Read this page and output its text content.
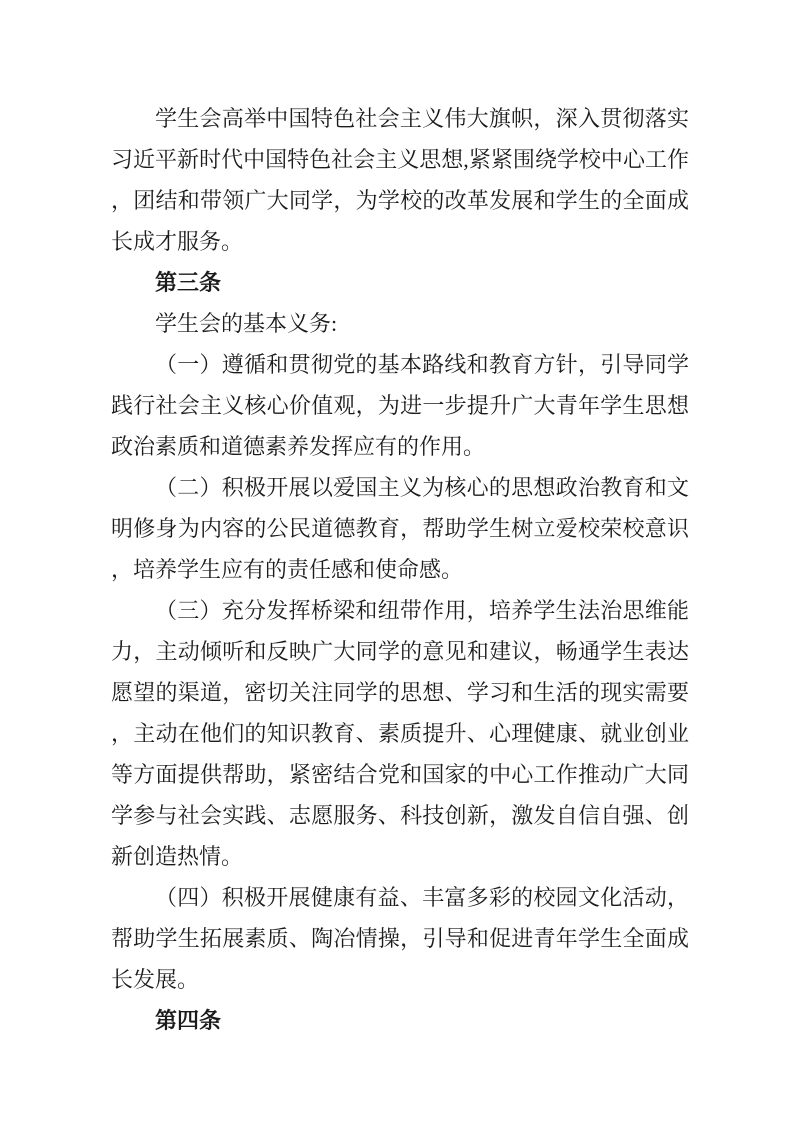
学生会高举中国特色社会主义伟大旗帜，深入贯彻落实习近平新时代中国特色社会主义思想,紧紧围绕学校中心工作，团结和带领广大同学，为学校的改革发展和学生的全面成长成才服务。

第三条

学生会的基本义务:

（一）遵循和贯彻党的基本路线和教育方针，引导同学践行社会主义核心价值观，为进一步提升广大青年学生思想政治素质和道德素养发挥应有的作用。

（二）积极开展以爱国主义为核心的思想政治教育和文明修身为内容的公民道德教育，帮助学生树立爱校荣校意识，培养学生应有的责任感和使命感。

（三）充分发挥桥梁和纽带作用，培养学生法治思维能力，主动倾听和反映广大同学的意见和建议，畅通学生表达愿望的渠道，密切关注同学的思想、学习和生活的现实需要，主动在他们的知识教育、素质提升、心理健康、就业创业等方面提供帮助，紧密结合党和国家的中心工作推动广大同学参与社会实践、志愿服务、科技创新，激发自信自强、创新创造热情。

（四）积极开展健康有益、丰富多彩的校园文化活动，帮助学生拓展素质、陶冶情操，引导和促进青年学生全面成长发展。

第四条
